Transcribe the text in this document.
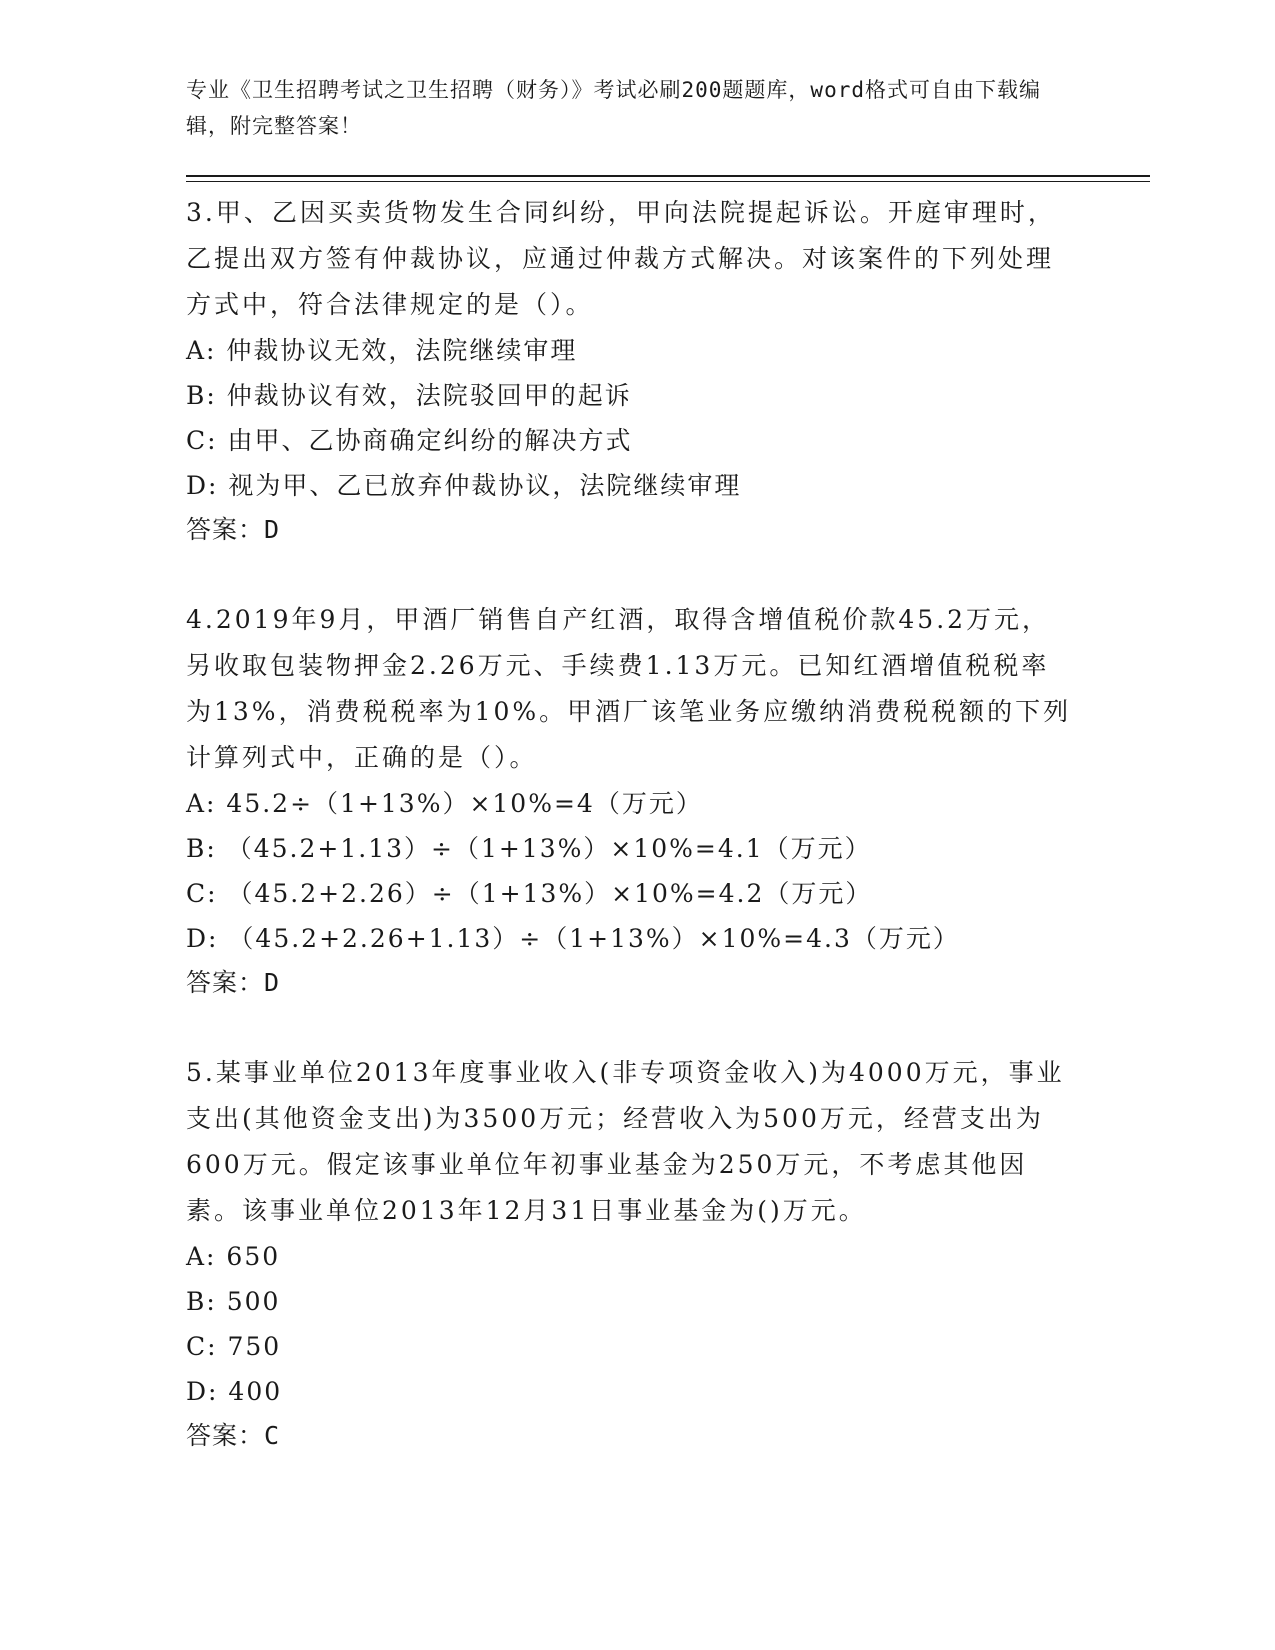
专业《卫生招聘考试之卫生招聘（财务）》考试必刷200题题库，word格式可自由下载编辑，附完整答案！

3.甲、乙因买卖货物发生合同纠纷，甲向法院提起诉讼。开庭审理时，乙提出双方签有仲裁协议，应通过仲裁方式解决。对该案件的下列处理方式中，符合法律规定的是（）。

A: 仲裁协议无效，法院继续审理
B: 仲裁协议有效，法院驳回甲的起诉
C: 由甲、乙协商确定纠纷的解决方式
D: 视为甲、乙已放弃仲裁协议，法院继续审理
答案：D

4.2019年9月，甲酒厂销售自产红酒，取得含增值税价款45.2万元，另收取包装物押金2.26万元、手续费1.13万元。已知红酒增值税税率为13%，消费税税率为10%。甲酒厂该笔业务应缴纳消费税税额的下列计算列式中，正确的是（）。

A: 45.2÷（1+13%）×10%=4（万元）
B: （45.2+1.13）÷（1+13%）×10%=4.1（万元）
C: （45.2+2.26）÷（1+13%）×10%=4.2（万元）
D: （45.2+2.26+1.13）÷（1+13%）×10%=4.3（万元）
答案：D

5.某事业单位2013年度事业收入(非专项资金收入)为4000万元，事业支出(其他资金支出)为3500万元；经营收入为500万元，经营支出为600万元。假定该事业单位年初事业基金为250万元，不考虑其他因素。该事业单位2013年12月31日事业基金为()万元。

A: 650
B: 500
C: 750
D: 400
答案：C
